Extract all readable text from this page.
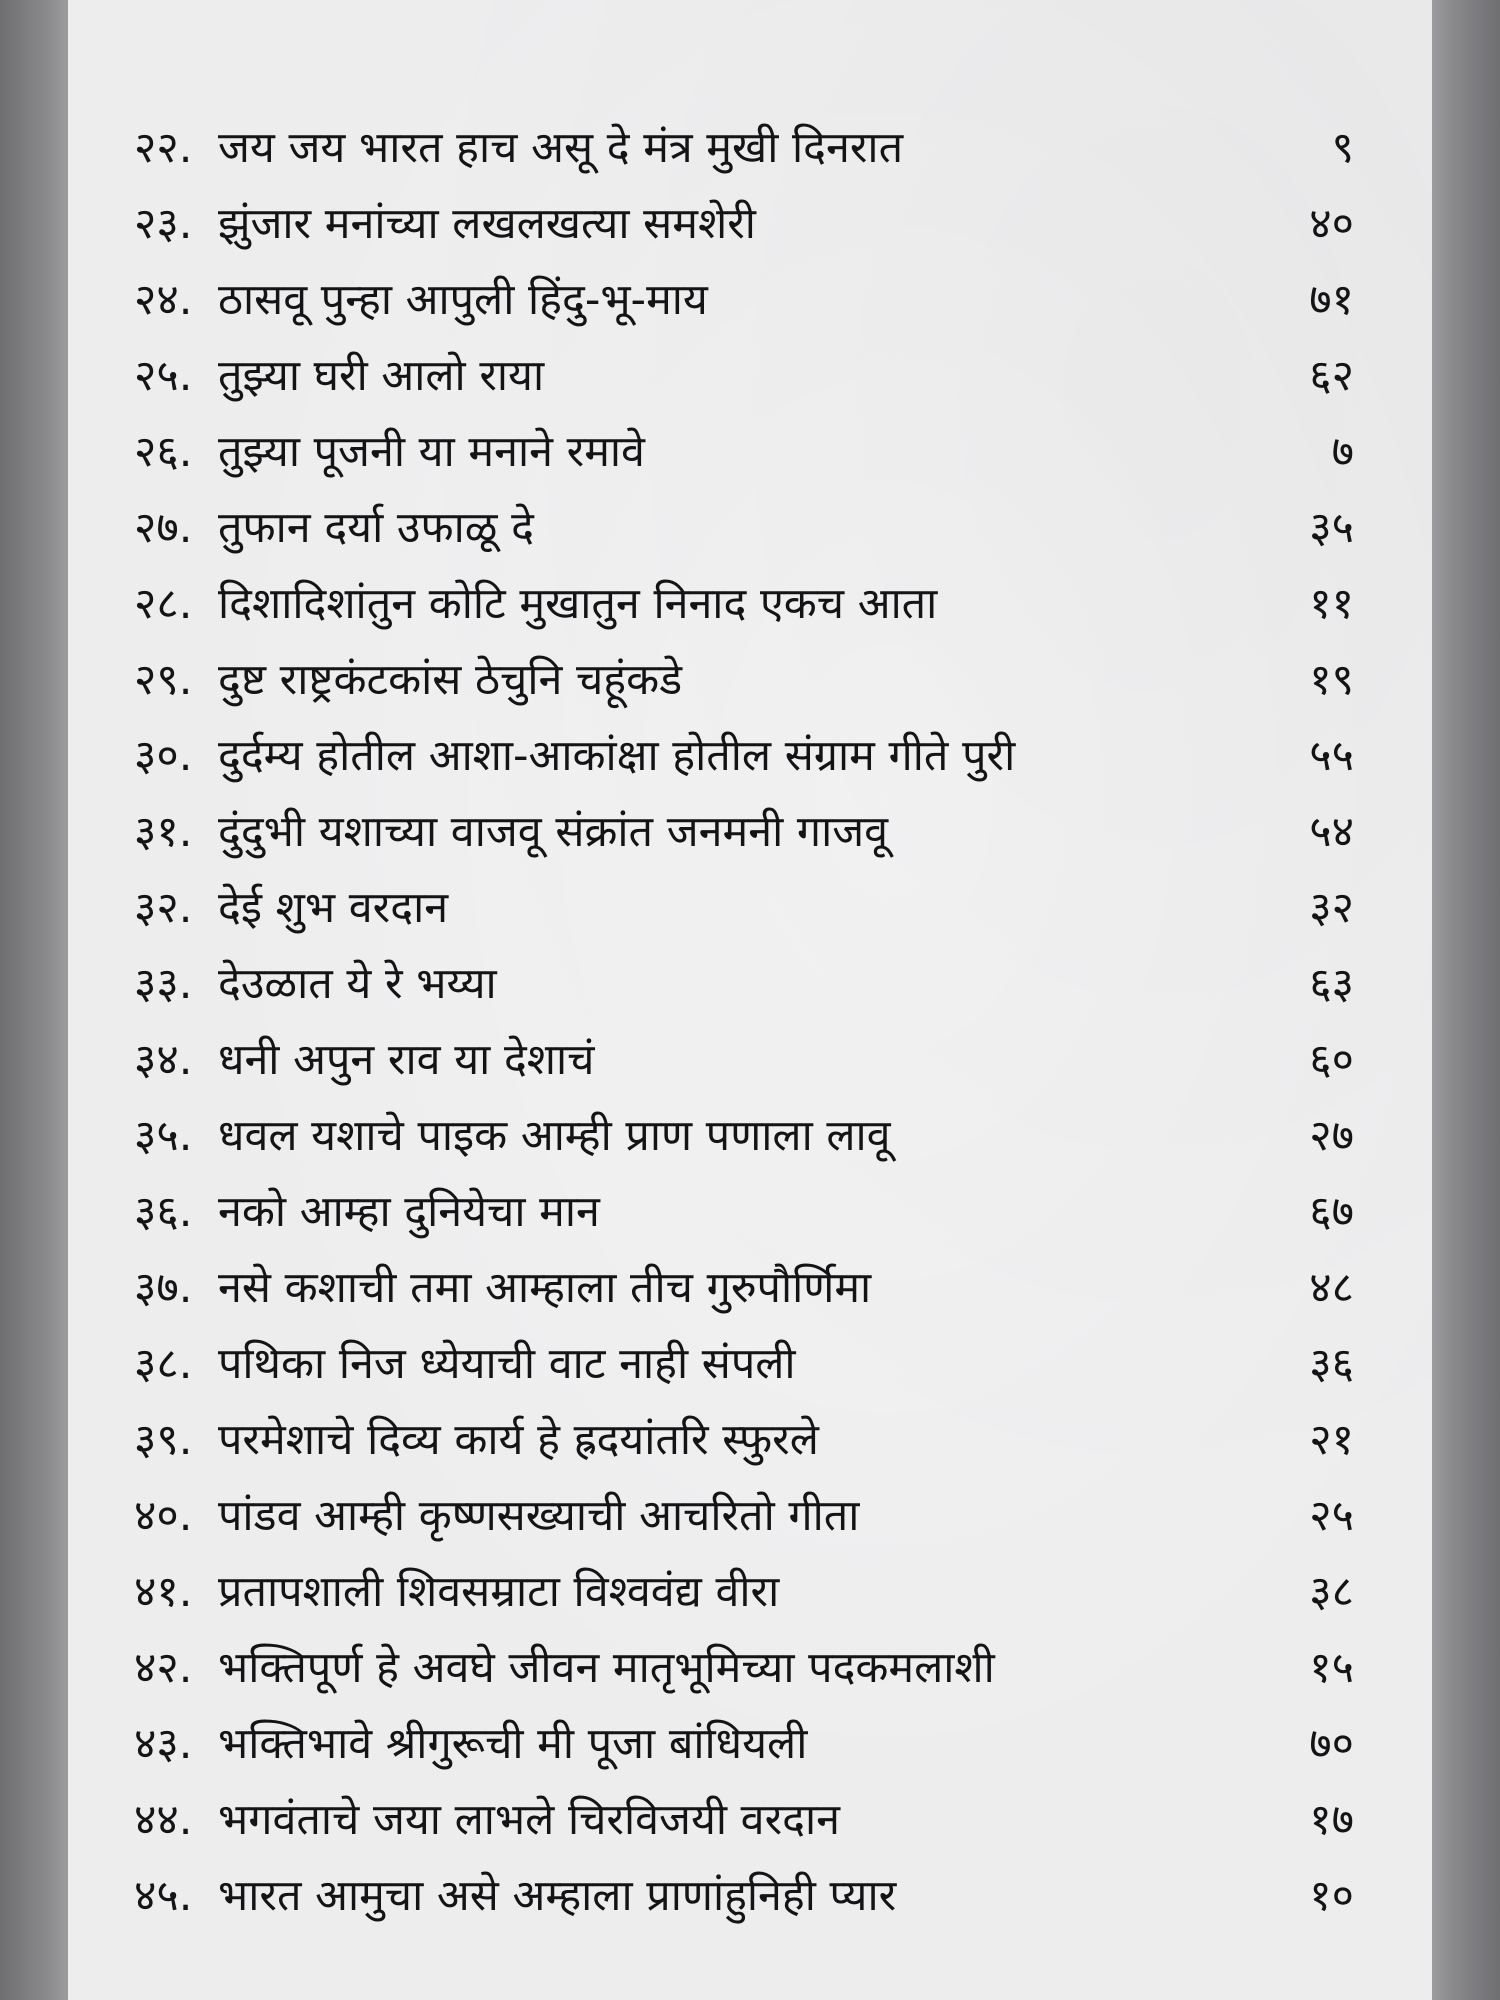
२२. जय जय भारत हाच असू दे मंत्र मुखी दिनरात	९
२३. झुंजार मनांच्या लखलखत्या समशेरी	४०
२४. ठासवू पुन्हा आपुली हिंदु-भू-माय	७१
२५. तुझ्या घरी आलो राया	६२
२६. तुझ्या पूजनी या मनाने रमावे	७
२७. तुफान दर्या उफाळू दे	३५
२८. दिशादिशांतुन कोटि मुखातुन निनाद एकच आता	११
२९. दुष्ट राष्ट्रकंटकांस ठेचुनि चहूंकडे	१९
३०. दुर्दम्य होतील आशा-आकांक्षा होतील संग्राम गीते पुरी	५५
३१. दुंदुभी यशाच्या वाजवू संक्रांत जनमनी गाजवू	५४
३२. देई शुभ वरदान	३२
३३. देउळात ये रे भय्या	६३
३४. धनी अपुन राव या देशाचं	६०
३५. धवल यशाचे पाइक आम्ही प्राण पणाला लावू	२७
३६. नको आम्हा दुनियेचा मान	६७
३७. नसे कशाची तमा आम्हाला तीच गुरुपौर्णिमा	४८
३८. पथिका निज ध्येयाची वाट नाही संपली	३६
३९. परमेशाचे दिव्य कार्य हे ह्रदयांतरि स्फुरले	२१
४०. पांडव आम्ही कृष्णसख्याची आचरितो गीता	२५
४१. प्रतापशाली शिवसम्राटा विश्ववंद्य वीरा	३८
४२. भक्तिपूर्ण हे अवघे जीवन मातृभूमिच्या पदकमलाशी	१५
४३. भक्तिभावे श्रीगुरूची मी पूजा बांधियली	७०
४४. भगवंताचे जया लाभले चिरविजयी वरदान	१७
४५. भारत आमुचा असे अम्हाला प्राणांहुनिही प्यार	१०
